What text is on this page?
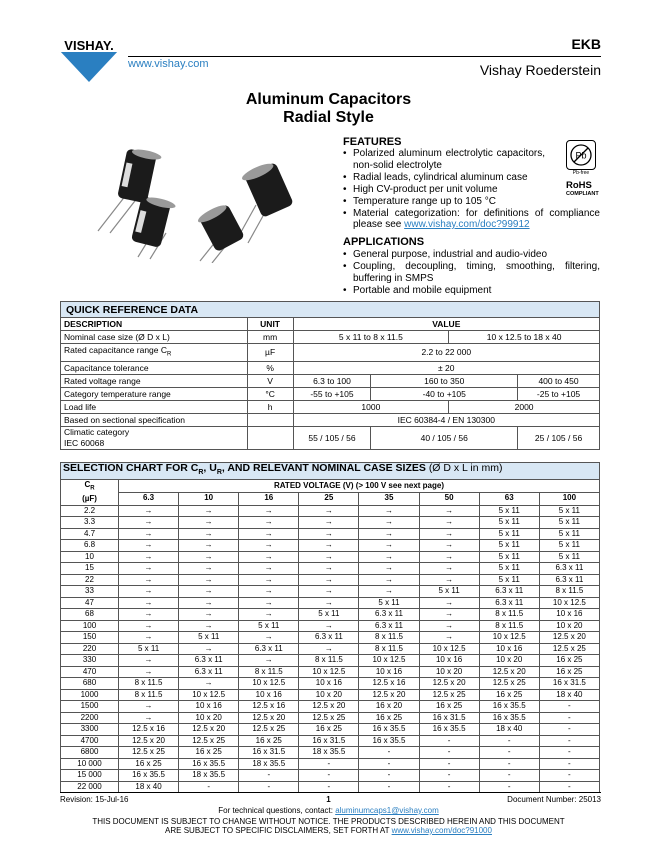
VISHAY.
www.vishay.com
EKB
Vishay Roederstein
Aluminum Capacitors
Radial Style
FEATURES
• Polarized aluminum electrolytic capacitors, non-solid electrolyte
• Radial leads, cylindrical aluminum case
• High CV-product per unit volume
• Temperature range up to 105 °C
• Material categorization: for definitions of compliance please see www.vishay.com/doc?99912
Pb
Pb-free
RoHS
COMPLIANT
APPLICATIONS
• General purpose, industrial and audio-video
• Coupling, decoupling, timing, smoothing, filtering, buffering in SMPS
• Portable and mobile equipment
QUICK REFERENCE DATA					
DESCRIPTION	UNIT	VALUE			
Nominal case size (Ø D x L)	mm	5 x 11 to 8 x 11.5		10 x 12.5 to 18 x 40	
Rated capacitance range $C_R$	µF	2.2 to 22 000			
Capacitance tolerance	%	± 20			
Rated voltage range	V	6.3 to 100	160 to 350		400 to 450
Category temperature range	°C	-55 to +105	-40 to +105		-25 to +105
Load life	h	1000		2000	
Based on sectional specification		IEC 60384-4 / EN 130300			

Climatic category
IEC 60068		55 / 105 / 56	40 / 105 / 56		25 / 105 / 56
SELECTION CHART FOR $C_R$, $U_R$, AND RELEVANT NOMINAL CASE SIZES (Ø D x L in mm)								

$C_R$
(µF)	RATED VOLTAGE (V) (> 100 V see next page)							
	6.3	10	16	25	35	50	63	100
2.2	→	→	→	→	→	→	5 x 11	5 x 11
3.3	→	→	→	→	→	→	5 x 11	5 x 11
4.7	→	→	→	→	→	→	5 x 11	5 x 11
6.8	→	→	→	→	→	→	5 x 11	5 x 11
10	→	→	→	→	→	→	5 x 11	5 x 11
15	→	→	→	→	→	→	5 x 11	6.3 x 11
22	→	→	→	→	→	→	5 x 11	6.3 x 11
33	→	→	→	→	→	5 x 11	6.3 x 11	8 x 11.5
47	→	→	→	→	5 x 11	→	6.3 x 11	10 x 12.5
68	→	→	→	5 x 11	6.3 x 11	→	8 x 11.5	10 x 16
100	→	→	5 x 11	→	6.3 x 11	→	8 x 11.5	10 x 20
150	→	5 x 11	→	6.3 x 11	8 x 11.5	→	10 x 12.5	12.5 x 20
220	5 x 11	→	6.3 x 11	→	8 x 11.5	10 x 12.5	10 x 16	12.5 x 25
330	→	6.3 x 11	→	8 x 11.5	10 x 12.5	10 x 16	10 x 20	16 x 25
470	→	6.3 x 11	8 x 11.5	10 x 12.5	10 x 16	10 x 20	12.5 x 20	16 x 25
680	8 x 11.5	→	10 x 12.5	10 x 16	12.5 x 16	12.5 x 20	12.5 x 25	16 x 31.5
1000	8 x 11.5	10 x 12.5	10 x 16	10 x 20	12.5 x 20	12.5 x 25	16 x 25	18 x 40
1500	→	10 x 16	12.5 x 16	12.5 x 20	16 x 20	16 x 25	16 x 35.5	-
2200	→	10 x 20	12.5 x 20	12.5 x 25	16 x 25	16 x 31.5	16 x 35.5	-
3300	12.5 x 16	12.5 x 20	12.5 x 25	16 x 25	16 x 35.5	16 x 35.5	18 x 40	-
4700	12.5 x 20	12.5 x 25	16 x 25	16 x 31.5	16 x 35.5	-	-	-
6800	12.5 x 25	16 x 25	16 x 31.5	18 x 35.5	-	-	-	-
10 000	16 x 25	16 x 35.5	18 x 35.5	-	-	-	-	-
15 000	16 x 35.5	18 x 35.5	-	-	-	-	-	-
22 000	18 x 40	-	-	-	-	-	-	-
Revision: 15-Jul-16	1	Document Number: 25013
For technical questions, contact: aluminumcaps1@vishay.com
THIS DOCUMENT IS SUBJECT TO CHANGE WITHOUT NOTICE. THE PRODUCTS DESCRIBED HEREIN AND THIS DOCUMENT
ARE SUBJECT TO SPECIFIC DISCLAIMERS, SET FORTH AT www.vishay.com/doc?91000
